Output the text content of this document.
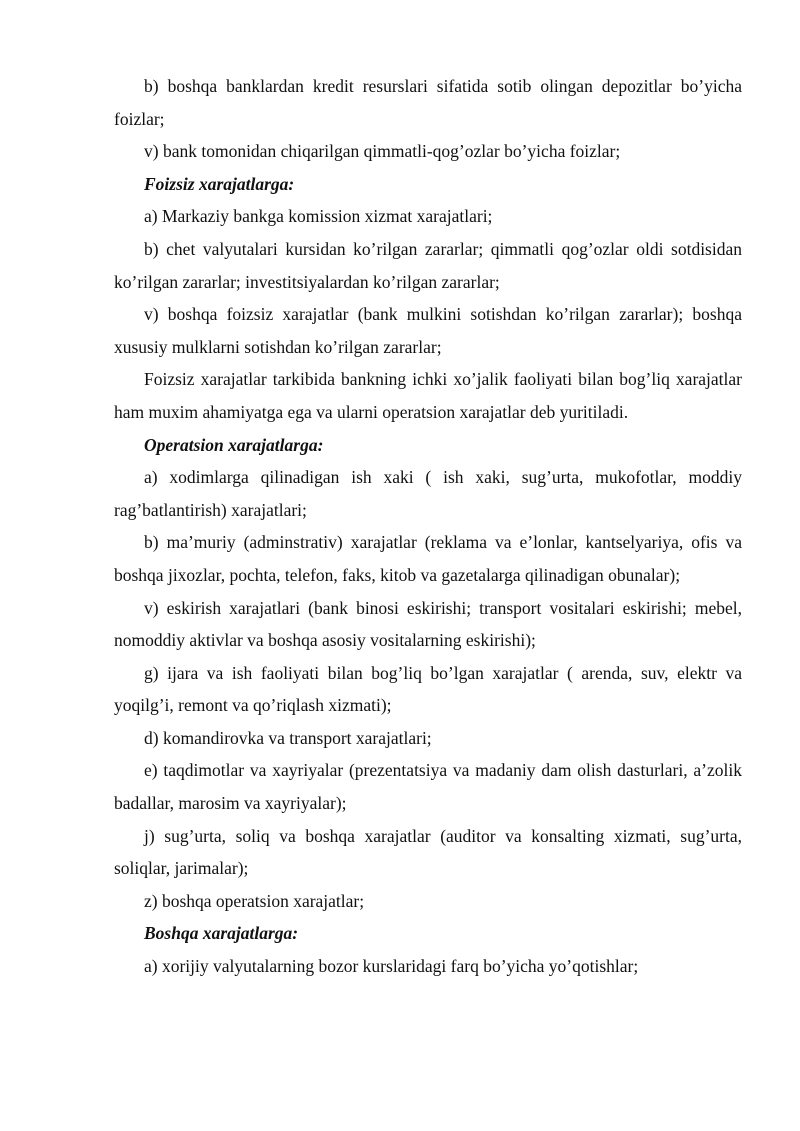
b) boshqa banklardan kredit resurslari sifatida sotib olingan depozitlar bo’yicha foizlar;

v) bank tomonidan chiqarilgan qimmatli-qog’ozlar bo’yicha foizlar;

Foizsiz xarajatlarga:

a) Markaziy bankga komission xizmat xarajatlari;

b) chet valyutalari kursidan ko’rilgan zararlar; qimmatli qog’ozlar oldi sotdisidan ko’rilgan zararlar; investitsiyalardan ko’rilgan zararlar;

v) boshqa foizsiz xarajatlar (bank mulkini sotishdan ko’rilgan zararlar); boshqa xususiy mulklarni sotishdan ko’rilgan zararlar;

Foizsiz xarajatlar tarkibida bankning ichki xo’jalik faoliyati bilan bog’liq xarajatlar ham muxim ahamiyatga ega va ularni operatsion xarajatlar deb yuritiladi.

Operatsion xarajatlarga:

a) xodimlarga qilinadigan ish xaki ( ish xaki, sug’urta, mukofotlar, moddiy rag’batlantirish) xarajatlari;

b) ma’muriy (adminstrativ) xarajatlar (reklama va e’lonlar, kantselyariya, ofis va boshqa jixozlar, pochta, telefon, faks, kitob va gazetalarga qilinadigan obunalar);

v) eskirish xarajatlari (bank binosi eskirishi; transport vositalari eskirishi; mebel, nomoddiy aktivlar va boshqa asosiy vositalarning eskirishi);

g) ijara va ish faoliyati bilan bog’liq bo’lgan xarajatlar ( arenda, suv, elektr va yoqilg’i, remont va qo’riqlash xizmati);

d) komandirovka va transport xarajatlari;

e) taqdimotlar va xayriyalar (prezentatsiya va madaniy dam olish dasturlari, a’zolik badallar, marosim va xayriyalar);

j) sug’urta, soliq va boshqa xarajatlar (auditor va konsalting xizmati, sug’urta, soliqlar, jarimalar);

z) boshqa operatsion xarajatlar;

Boshqa xarajatlarga:

a) xorijiy valyutalarning bozor kurslaridagi farq bo’yicha yo’qotishlar;
